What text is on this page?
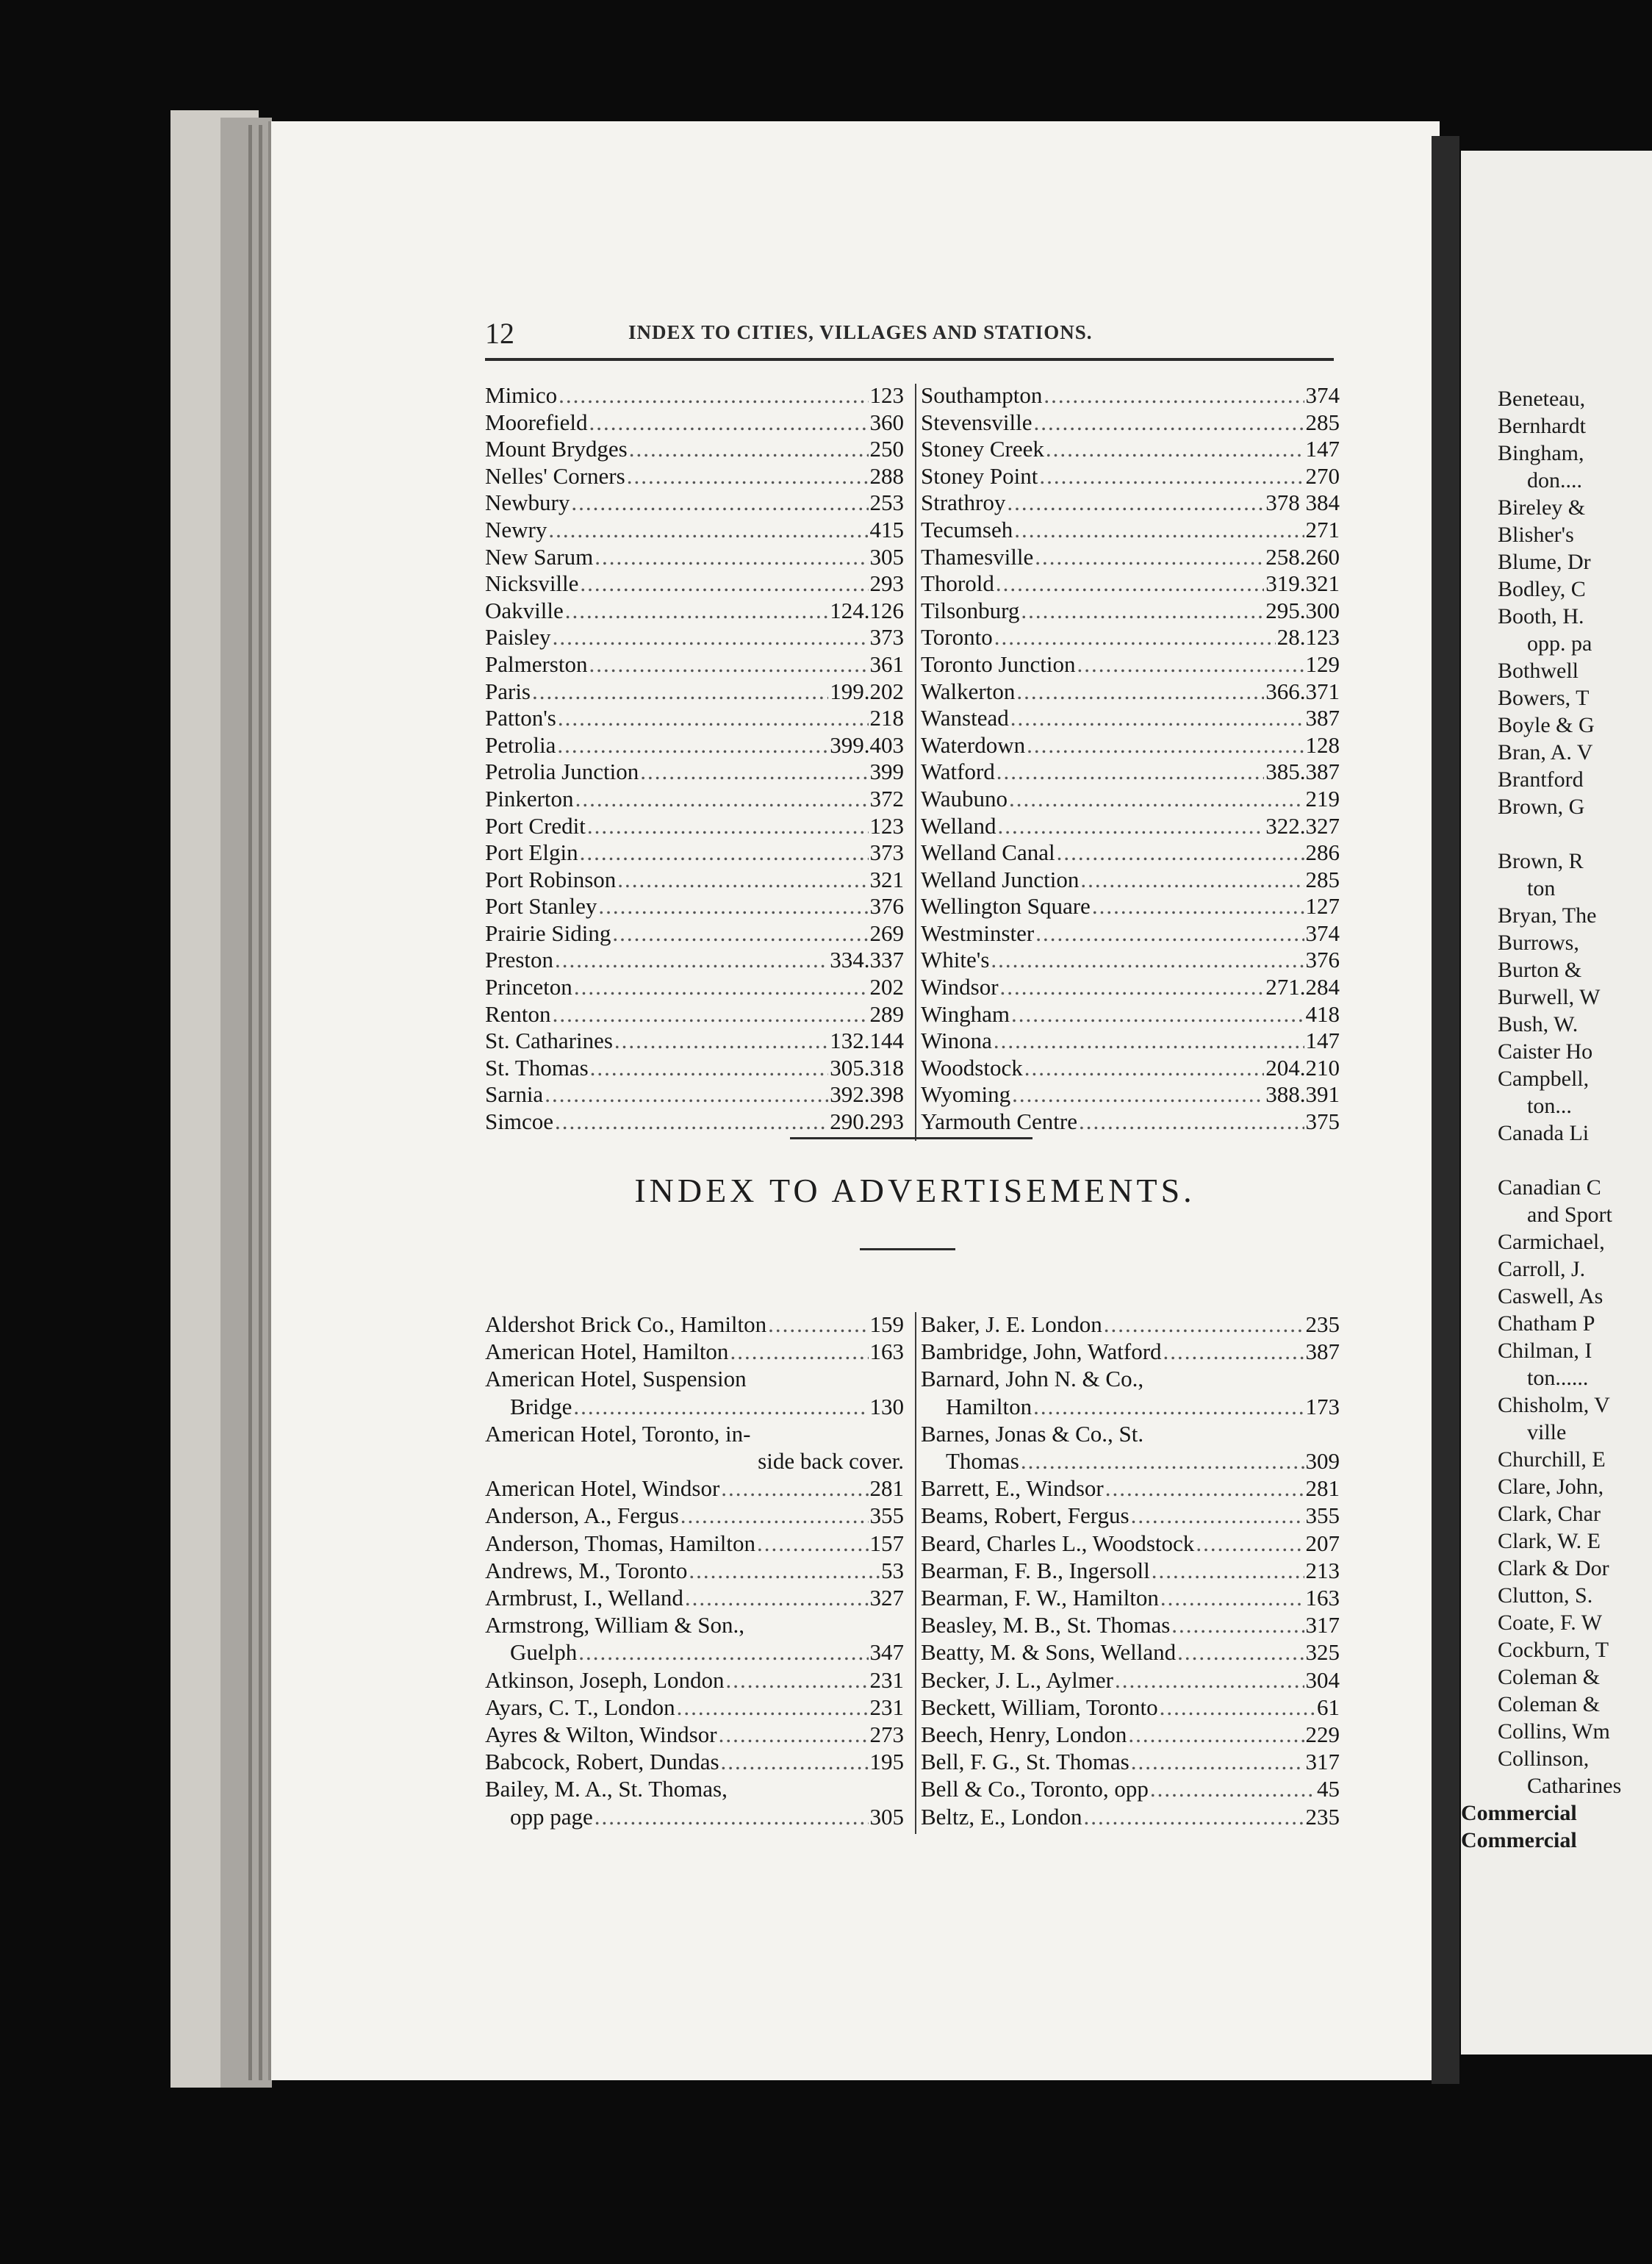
Beneteau,
Bernhardt
Bingham,
don....
Bireley &
Blisher's
Blume, Dr
Bodley, C
Booth, H.
opp. pa
Bothwell
Bowers, T
Boyle & G
Bran, A. V
Brantford
Brown, G
Brown, R
ton
Bryan, The
Burrows,
Burton &
Burwell, W
Bush, W.
Caister Ho
Campbell,
ton...
Canada Li
Canadian C
and Sport
Carmichael,
Carroll, J.
Caswell, As
Chatham P
Chilman, I
ton......
Chisholm, V
ville
Churchill, E
Clare, John,
Clark, Char
Clark, W. E
Clark & Dor
Clutton, S.
Coate, F. W
Cockburn, T
Coleman &
Coleman &
Collins, Wm
Collinson,
Catharines
Commercial
Commercial
12	INDEX TO CITIES, VILLAGES AND STATIONS.
Mimico .....	123
Moorefield .....	360
Mount Brydges .....	250
Nelles' Corners .....	288
Newbury .....	253
Newry .....	415
New Sarum .....	305
Nicksville .....	293
Oakville .....	124.126
Paisley .....	373
Palmerston .....	361
Paris .....	199.202
Patton's .....	218
Petrolia .....	399.403
Petrolia Junction .....	399
Pinkerton .....	372
Port Credit .....	123
Port Elgin .....	373
Port Robinson .....	321
Port Stanley .....	376
Prairie Siding .....	269
Preston .....	334.337
Princeton .....	202
Renton .....	289
St. Catharines .....	132.144
St. Thomas .....	305.318
Sarnia .....	392.398
Simcoe .....	290.293
Southampton .....	374
Stevensville .....	285
Stoney Creek .....	147
Stoney Point .....	270
Strathroy .....	378 384
Tecumseh .....	271
Thamesville .....	258.260
Thorold .....	319.321
Tilsonburg .....	295.300
Toronto .....	28.123
Toronto Junction .....	129
Walkerton .....	366.371
Wanstead .....	387
Waterdown .....	128
Watford .....	385.387
Waubuno .....	219
Welland .....	322.327
Welland Canal .....	286
Welland Junction .....	285
Wellington Square .....	127
Westminster .....	374
White's .....	376
Windsor .....	271.284
Wingham .....	418
Winona .....	147
Woodstock .....	204.210
Wyoming .....	388.391
Yarmouth Centre .....	375
INDEX TO ADVERTISEMENTS.
Aldershot Brick Co., Hamilton .....	159
American Hotel, Hamilton .....	163
American Hotel, Suspension
Bridge .....	130
American Hotel, Toronto, in-
side back cover.
American Hotel, Windsor .....	281
Anderson, A., Fergus .....	355
Anderson, Thomas, Hamilton .....	157
Andrews, M., Toronto .....	53
Armbrust, I., Welland .....	327
Armstrong, William & Son.,
Guelph .....	347
Atkinson, Joseph, London .....	231
Ayars, C. T., London .....	231
Ayres & Wilton, Windsor .....	273
Babcock, Robert, Dundas .....	195
Bailey, M. A., St. Thomas,
opp page .....	305
Baker, J. E. London .....	235
Bambridge, John, Watford .....	387
Barnard, John N. & Co.,
Hamilton .....	173
Barnes, Jonas & Co., St.
Thomas .....	309
Barrett, E., Windsor .....	281
Beams, Robert, Fergus .....	355
Beard, Charles L., Woodstock .....	207
Bearman, F. B., Ingersoll .....	213
Bearman, F. W., Hamilton .....	163
Beasley, M. B., St. Thomas .....	317
Beatty, M. & Sons, Welland .....	325
Becker, J. L., Aylmer .....	304
Beckett, William, Toronto .....	61
Beech, Henry, London .....	229
Bell, F. G., St. Thomas .....	317
Bell & Co., Toronto, opp .....	45
Beltz, E., London .....	235
